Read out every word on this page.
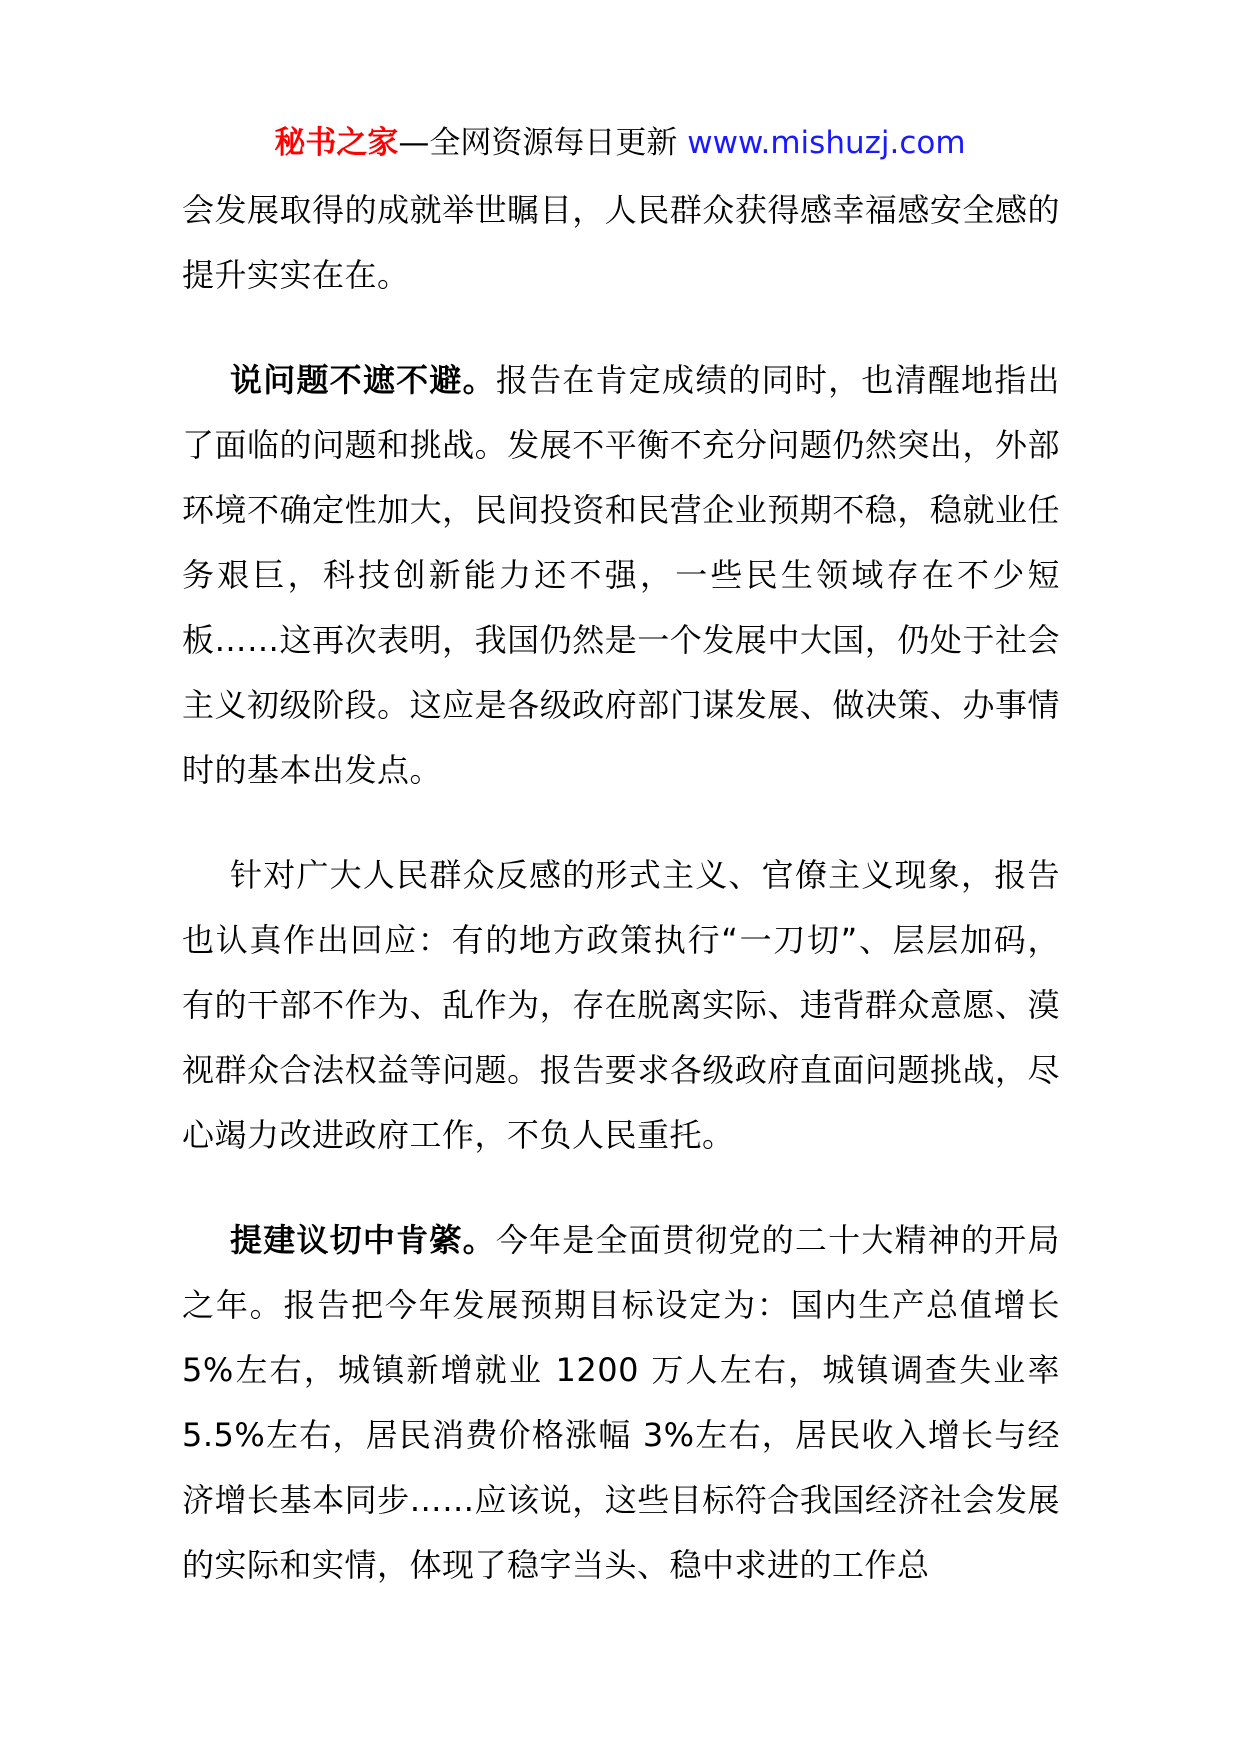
秘书之家—全网资源每日更新 www.mishuzj.com

会发展取得的成就举世瞩目，人民群众获得感幸福感安全感的提升实实在在。

说问题不遮不避。报告在肯定成绩的同时，也清醒地指出了面临的问题和挑战。发展不平衡不充分问题仍然突出，外部环境不确定性加大，民间投资和民营企业预期不稳，稳就业任务艰巨，科技创新能力还不强，一些民生领域存在不少短板……这再次表明，我国仍然是一个发展中大国，仍处于社会主义初级阶段。这应是各级政府部门谋发展、做决策、办事情时的基本出发点。

针对广大人民群众反感的形式主义、官僚主义现象，报告也认真作出回应：有的地方政策执行“一刀切”、层层加码，有的干部不作为、乱作为，存在脱离实际、违背群众意愿、漠视群众合法权益等问题。报告要求各级政府直面问题挑战，尽心竭力改进政府工作，不负人民重托。

提建议切中肯綮。今年是全面贯彻党的二十大精神的开局之年。报告把今年发展预期目标设定为：国内生产总值增长 5%左右，城镇新增就业 1200 万人左右，城镇调查失业率 5.5%左右，居民消费价格涨幅 3%左右，居民收入增长与经济增长基本同步……应该说，这些目标符合我国经济社会发展的实际和实情，体现了稳字当头、稳中求进的工作总
